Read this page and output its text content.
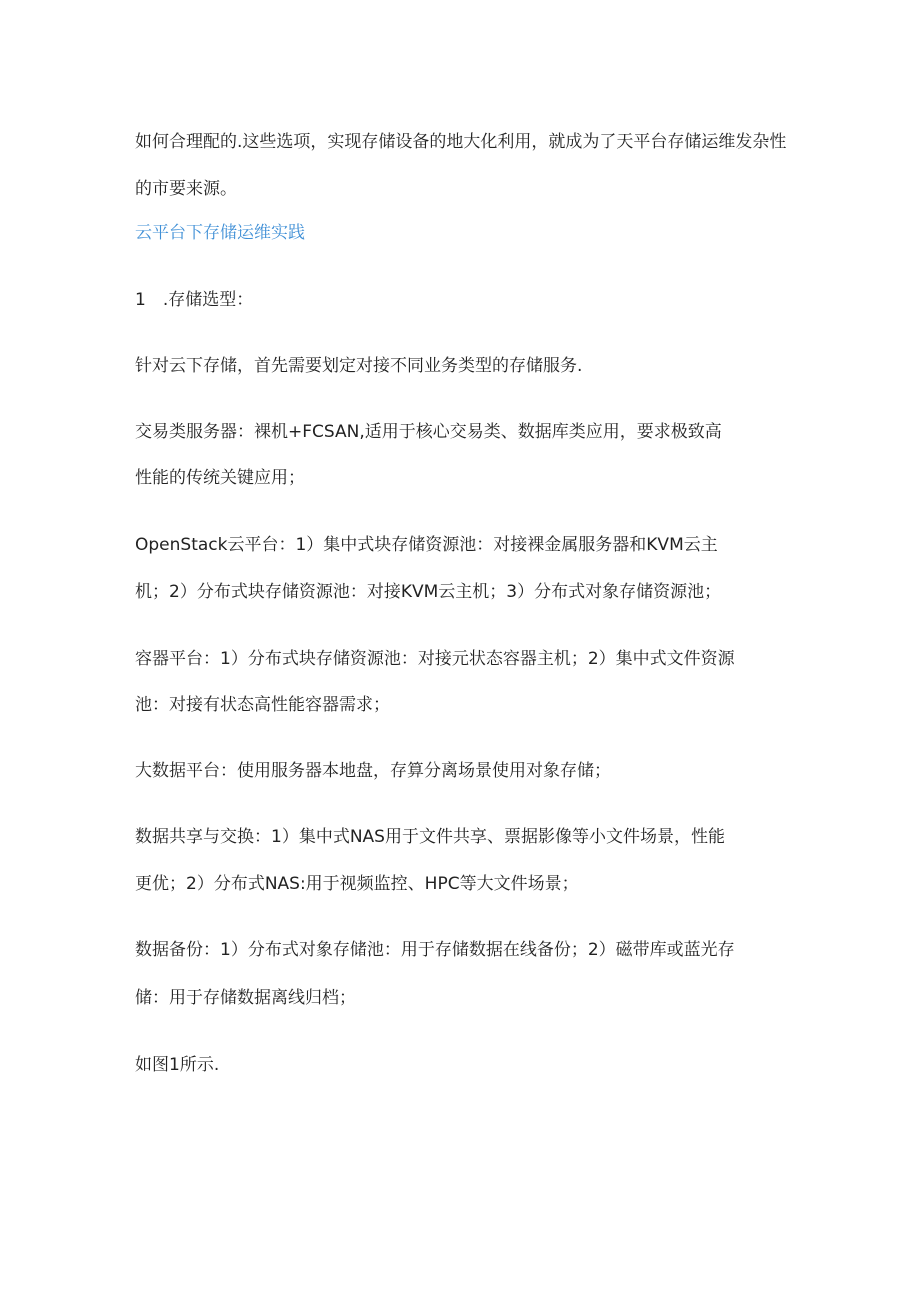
如何合理配的.这些选项，实现存储设备的地大化利用，就成为了天平台存储运维发杂性
的市要来源。
云平台下存储运维实践
1　.存储选型：
针对云下存储，首先需要划定对接不同业务类型的存储服务.
交易类服务器：裸机+FCSAN,适用于核心交易类、数据库类应用，要求极致高
性能的传统关键应用；
OpenStack云平台：1）集中式块存储资源池：对接裸金属服务器和KVM云主
机；2）分布式块存储资源池：对接KVM云主机；3）分布式对象存储资源池；
容器平台：1）分布式块存储资源池：对接元状态容器主机；2）集中式文件资源
池：对接有状态高性能容器需求；
大数据平台：使用服务器本地盘，存算分离场景使用对象存储；
数据共享与交换：1）集中式NAS用于文件共享、票据影像等小文件场景，性能
更优；2）分布式NAS:用于视频监控、HPC等大文件场景；
数据备份：1）分布式对象存储池：用于存储数据在线备份；2）磁带库或蓝光存
储：用于存储数据离线归档；
如图1所示.
